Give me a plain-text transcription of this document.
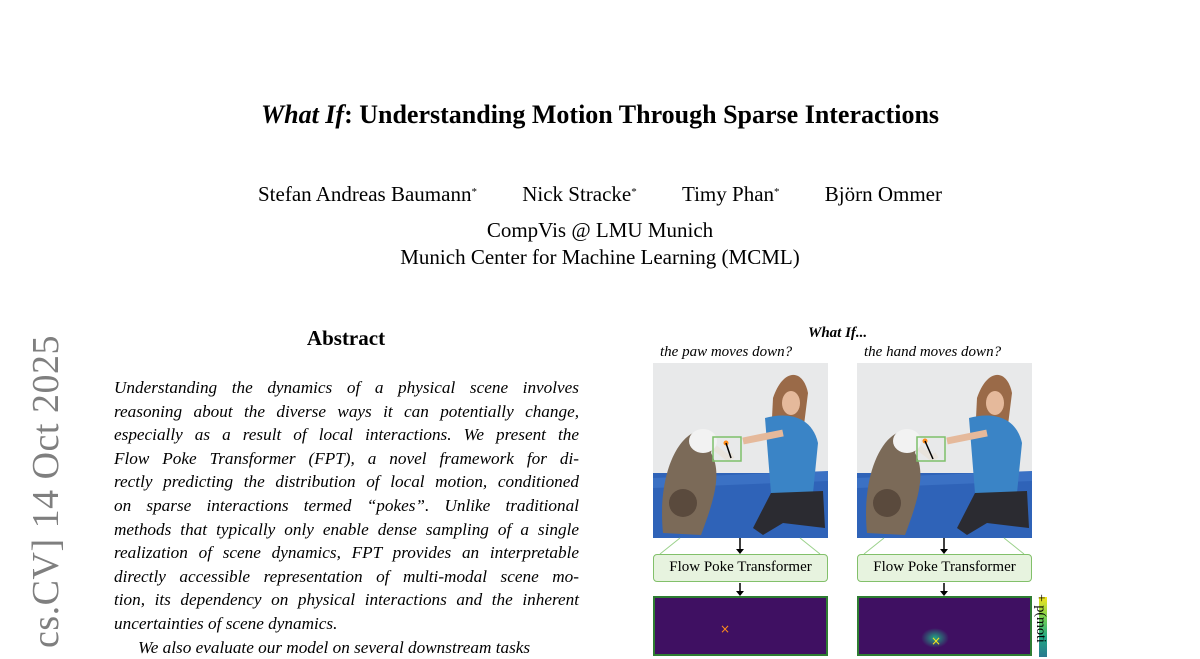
cs.CV] 14 Oct 2025
What If: Understanding Motion Through Sparse Interactions
Stefan Andreas Baumann* Nick Stracke* Timy Phan* Björn Ommer
CompVis @ LMU Munich
Munich Center for Machine Learning (MCML)
Abstract
Understanding the dynamics of a physical scene involves
reasoning about the diverse ways it can potentially change,
especially as a result of local interactions. We present the
Flow Poke Transformer (FPT), a novel framework for di-
rectly predicting the distribution of local motion, conditioned
on sparse interactions termed “pokes”. Unlike traditional
methods that typically only enable dense sampling of a single
realization of scene dynamics, FPT provides an interpretable
directly accessible representation of multi-modal scene mo-
tion, its dependency on physical interactions and the inherent
uncertainties of scene dynamics.
We also evaluate our model on several downstream tasks
What If...
the paw moves down?	the hand moves down?
Flow Poke Transformer	Flow Poke Transformer
×
×	+ p(moti
